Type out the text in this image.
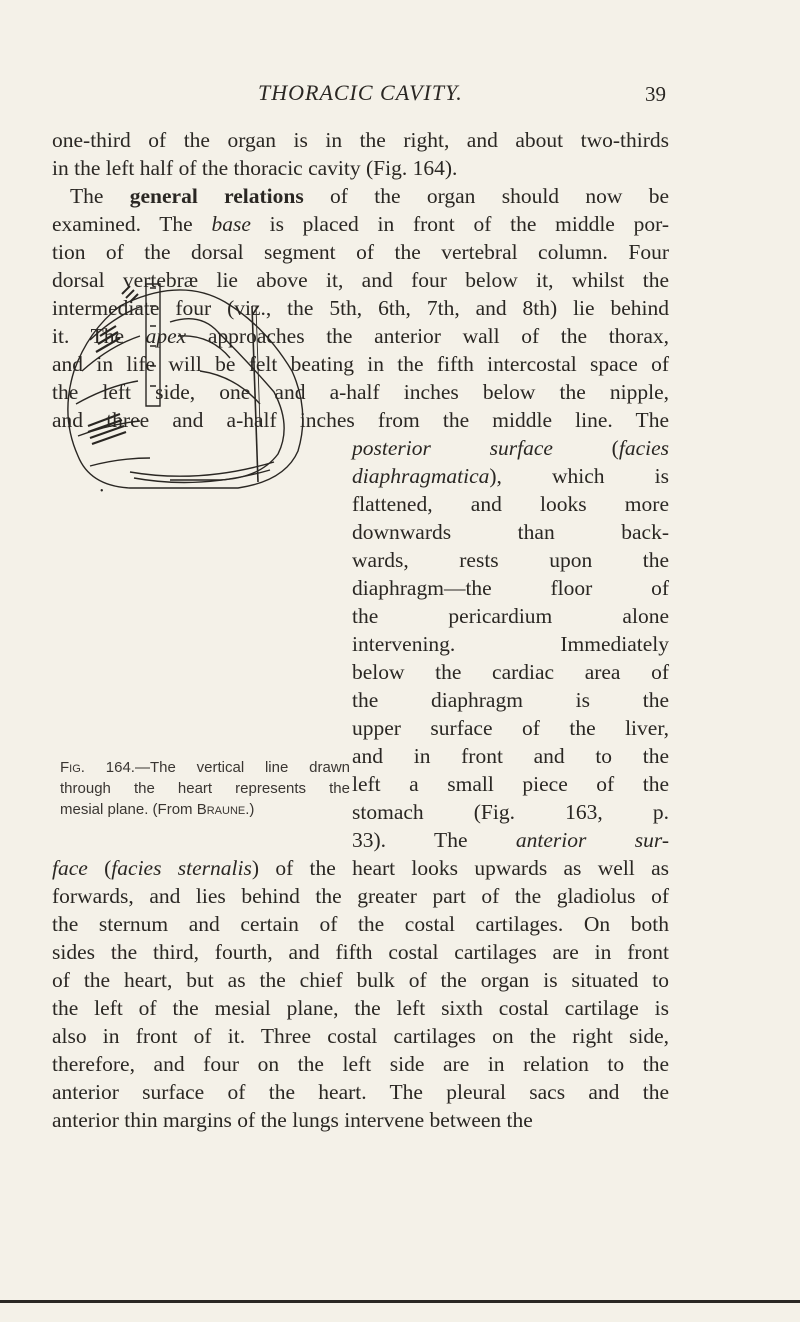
THORACIC CAVITY.	39
one-third of the organ is in the right, and about two-thirds
in the left half of the thoracic cavity (Fig. 164).
The general relations of the organ should now be
examined. The base is placed in front of the middle por-
tion of the dorsal segment of the vertebral column. Four
dorsal vertebræ lie above it, and four below it, whilst the
intermediate four (viz., the 5th, 6th, 7th, and 8th) lie behind
it. The apex approaches the anterior wall of the thorax,
and in life will be felt beating in the fifth intercostal space of
the left side, one and a-half inches below the nipple,
and three and a-half inches from the middle line. The
posterior surface (facies
diaphragmatica), which is
flattened, and looks more
downwards than back-
wards, rests upon the
diaphragm—the floor of
the pericardium alone
intervening. Immediately
below the cardiac area of
the diaphragm is the
upper surface of the liver,
and in front and to the
left a small piece of the
stomach (Fig. 163, p.
33). The anterior sur-
face (facies sternalis) of the heart looks upwards as well as
forwards, and lies behind the greater part of the gladiolus of
the sternum and certain of the costal cartilages. On both
sides the third, fourth, and fifth costal cartilages are in front
of the heart, but as the chief bulk of the organ is situated to
the left of the mesial plane, the left sixth costal cartilage is
also in front of it. Three costal cartilages on the right side,
therefore, and four on the left side are in relation to the
anterior surface of the heart. The pleural sacs and the
anterior thin margins of the lungs intervene between the
•
Fig. 164.—The vertical line drawn
through the heart represents the
mesial plane. (From Braune.)
